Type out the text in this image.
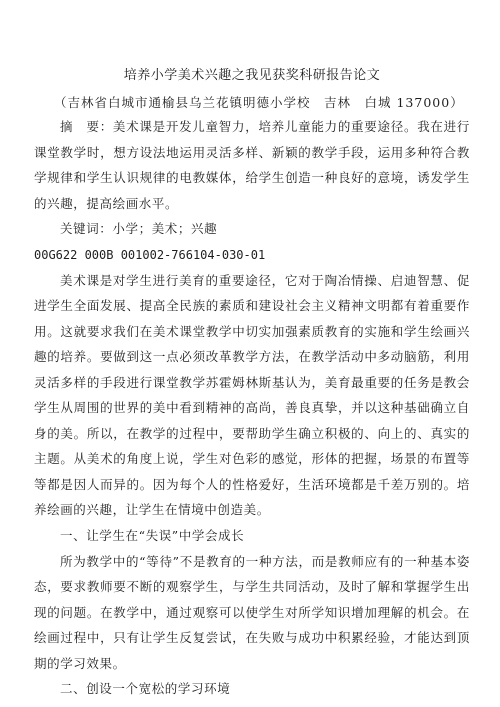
培养小学美术兴趣之我见获奖科研报告论文

（吉林省白城市通榆县乌兰花镇明德小学校　吉林　白城 137000）

摘　要：美术课是开发儿童智力，培养儿童能力的重要途径。我在进行课堂教学时，想方设法地运用灵活多样、新颖的教学手段，运用多种符合教学规律和学生认识规律的电教媒体，给学生创造一种良好的意境，诱发学生的兴趣，提高绘画水平。

关键词：小学；美术；兴趣

00G622 000B 001002-766104-030-01

美术课是对学生进行美育的重要途径，它对于陶冶情操、启迪智慧、促进学生全面发展、提高全民族的素质和建设社会主义精神文明都有着重要作用。这就要求我们在美术课堂教学中切实加强素质教育的实施和学生绘画兴趣的培养。要做到这一点必须改革教学方法，在教学活动中多动脑筋，利用灵活多样的手段进行课堂教学苏霍姆林斯基认为，美育最重要的任务是教会学生从周围的世界的美中看到精神的高尚，善良真挚，并以这种基础确立自身的美。所以，在教学的过程中，要帮助学生确立积极的、向上的、真实的主题。从美术的角度上说，学生对色彩的感觉，形体的把握，场景的布置等等都是因人而异的。因为每个人的性格爱好，生活环境都是千差万别的。培养绘画的兴趣，让学生在情境中创造美。

一、让学生在“失误”中学会成长

所为教学中的“等待”不是教育的一种方法，而是教师应有的一种基本姿态，要求教师要不断的观察学生，与学生共同活动，及时了解和掌握学生出现的问题。在教学中，通过观察可以使学生对所学知识增加理解的机会。在绘画过程中，只有让学生反复尝试，在失败与成功中积累经验，才能达到顶期的学习效果。

二、创设一个宽松的学习环境
